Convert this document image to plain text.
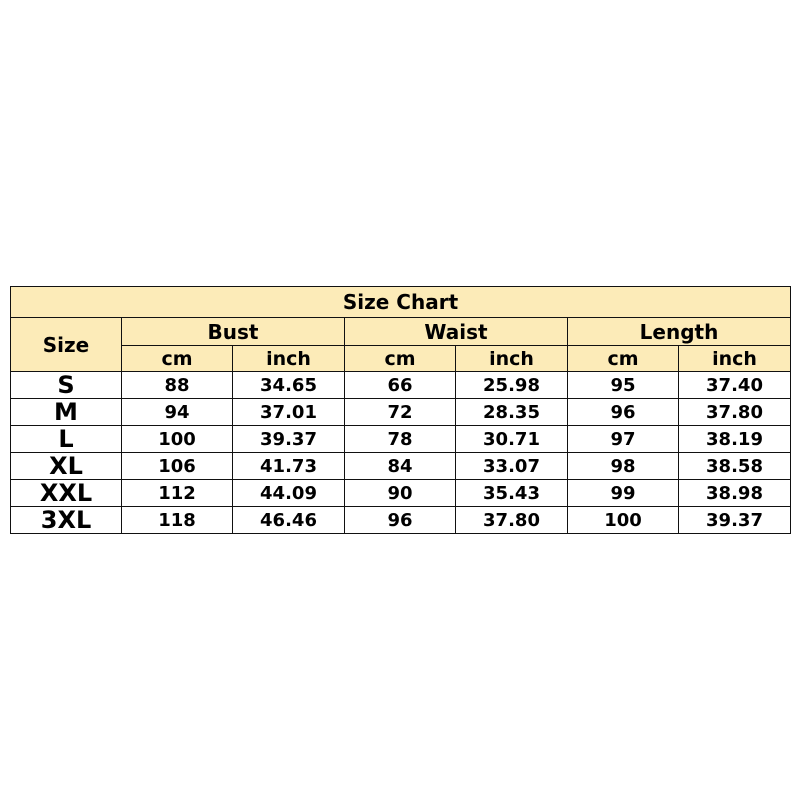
Size Chart						
Size	Bust		Waist		Length	
	cm	inch	cm	inch	cm	inch
S	88	34.65	66	25.98	95	37.40
M	94	37.01	72	28.35	96	37.80
L	100	39.37	78	30.71	97	38.19
XL	106	41.73	84	33.07	98	38.58
XXL	112	44.09	90	35.43	99	38.98
3XL	118	46.46	96	37.80	100	39.37
